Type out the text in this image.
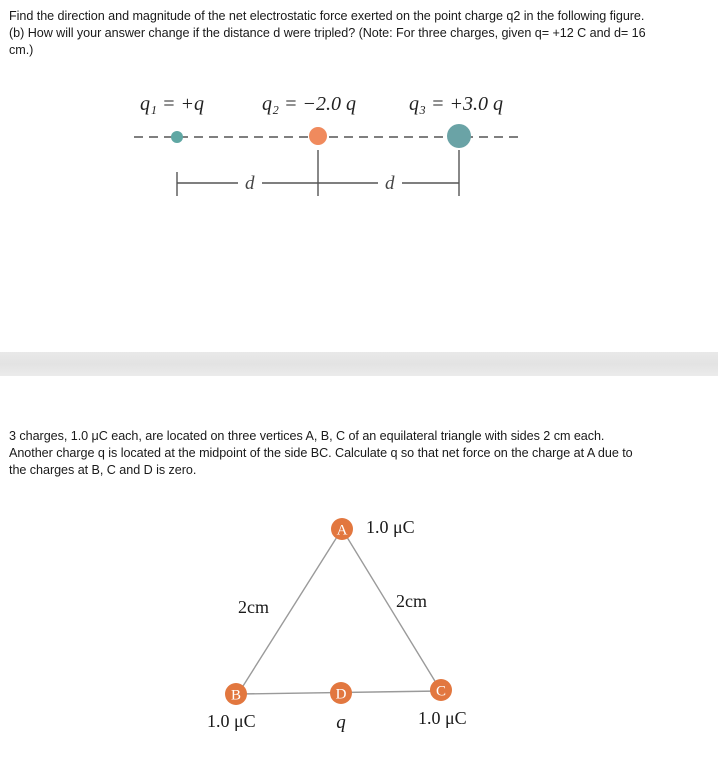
Find the direction and magnitude of the net electrostatic force exerted on the point charge q2 in the following figure.
(b) How will your answer change if the distance d were tripled? (Note: For three charges, given q= +12 C and d= 16
cm.)
q₁ = +q	q₂ = −2.0 q	q₃ = +3.0 q
d	d
3 charges, 1.0 μC each, are located on three vertices A, B, C of an equilateral triangle with sides 2 cm each.
Another charge q is located at the midpoint of the side BC. Calculate q so that net force on the charge at A due to
the charges at B, C and D is zero.
A 1.0 μC
2cm	2cm
B
1.0 μC
D
q
C
1.0 μC
